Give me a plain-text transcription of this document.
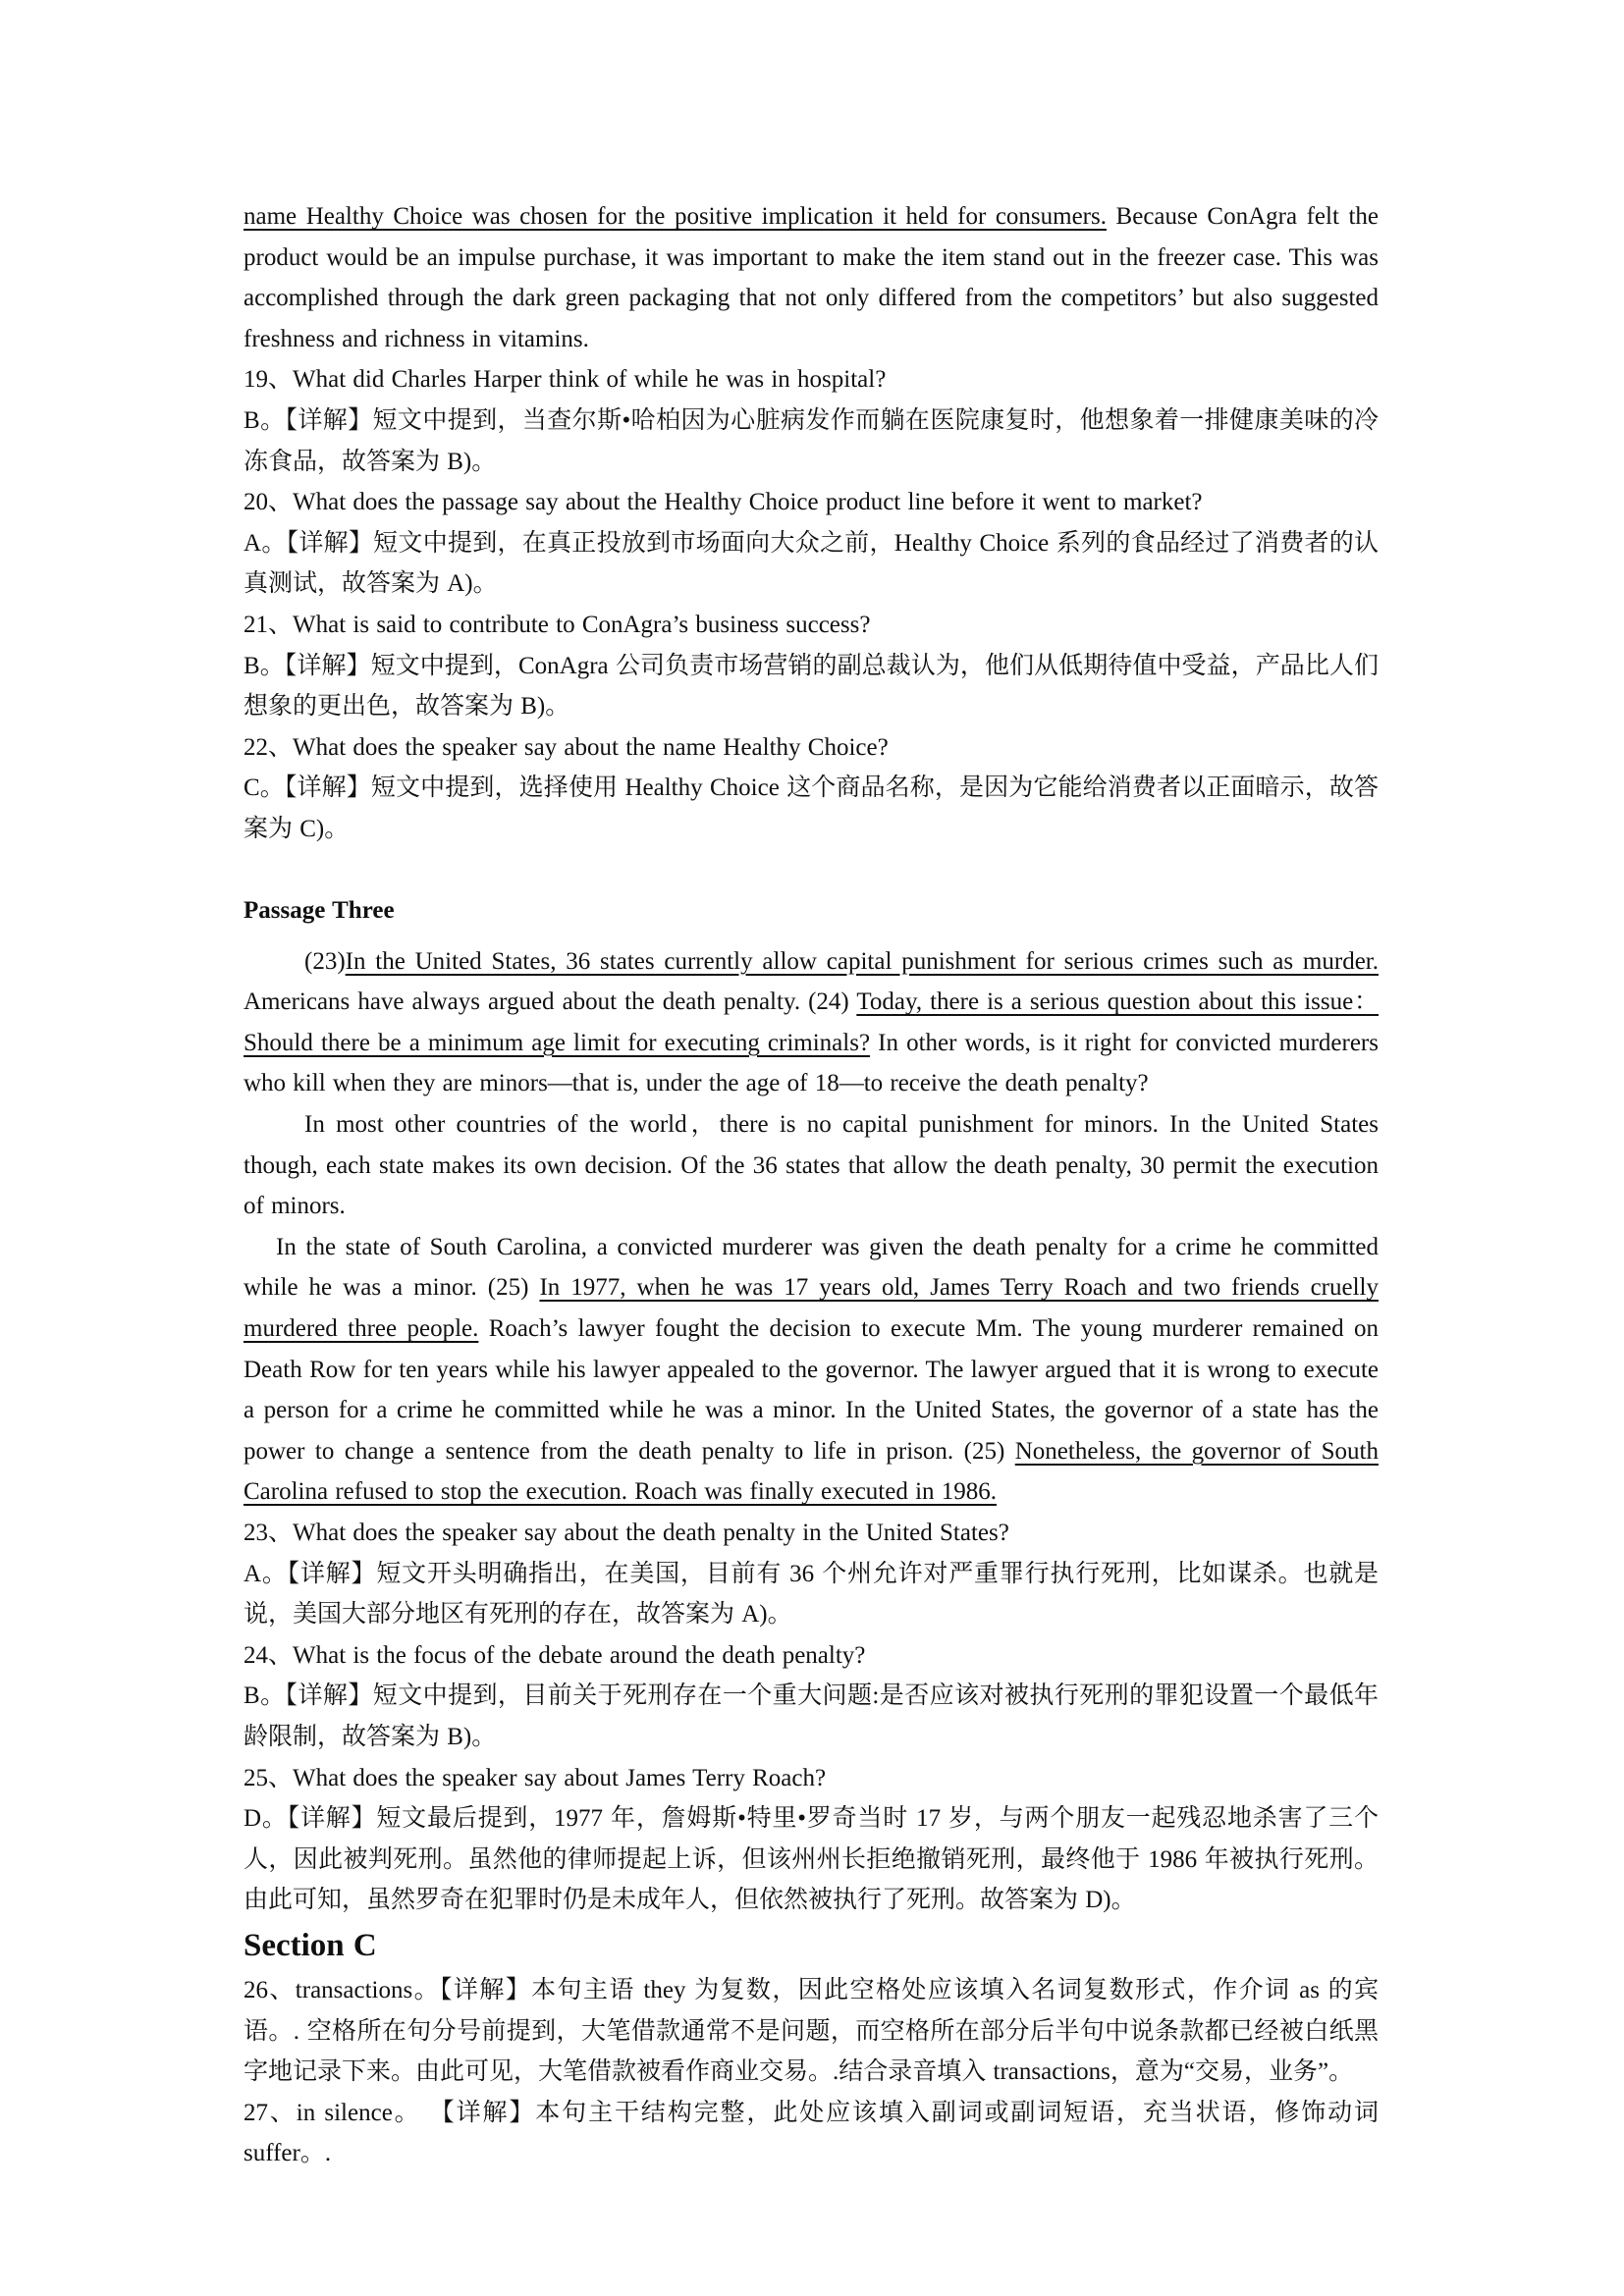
name Healthy Choice was chosen for the positive implication it held for consumers. Because ConAgra felt the product would be an impulse purchase, it was important to make the item stand out in the freezer case. This was accomplished through the dark green packaging that not only differed from the competitors’ but also suggested freshness and richness in vitamins.

19、What did Charles Harper think of while he was in hospital?

B。【详解】短文中提到，当查尔斯•哈柏因为心脏病发作而躺在医院康复时，他想象着一排健康美味的冷冻食品，故答案为 B)。

20、What does the passage say about the Healthy Choice product line before it went to market?

A。【详解】短文中提到，在真正投放到市场面向大众之前，Healthy Choice 系列的食品经过了消费者的认真测试，故答案为 A)。

21、What is said to contribute to ConAgra’s business success?

B。【详解】短文中提到，ConAgra 公司负责市场营销的副总裁认为，他们从低期待值中受益，产品比人们想象的更出色，故答案为 B)。

22、What does the speaker say about the name Healthy Choice?

C。【详解】短文中提到，选择使用 Healthy Choice 这个商品名称，是因为它能给消费者以正面暗示，故答案为 C)。

Passage Three

(23)In the United States, 36 states currently allow capital punishment for serious crimes such as murder. Americans have always argued about the death penalty. (24) Today, there is a serious question about this issue： Should there be a minimum age limit for executing criminals? In other words, is it right for convicted murderers who kill when they are minors—that is, under the age of 18—to receive the death penalty?

In most other countries of the world，there is no capital punishment for minors. In the United States though, each state makes its own decision. Of the 36 states that allow the death penalty, 30 permit the execution of minors.

In the state of South Carolina, a convicted murderer was given the death penalty for a crime he committed while he was a minor. (25) In 1977, when he was 17 years old, James Terry Roach and two friends cruelly murdered three people. Roach’s lawyer fought the decision to execute Mm. The young murderer remained on Death Row for ten years while his lawyer appealed to the governor. The lawyer argued that it is wrong to execute a person for a crime he committed while he was a minor. In the United States, the governor of a state has the power to change a sentence from the death penalty to life in prison. (25) Nonetheless, the governor of South Carolina refused to stop the execution. Roach was finally executed in 1986.

23、What does the speaker say about the death penalty in the United States?

A。【详解】短文开头明确指出，在美国，目前有 36 个州允许对严重罪行执行死刑，比如谋杀。也就是说，美国大部分地区有死刑的存在，故答案为 A)。

24、What is the focus of the debate around the death penalty?

B。【详解】短文中提到，目前关于死刑存在一个重大问题:是否应该对被执行死刑的罪犯设置一个最低年龄限制，故答案为 B)。

25、What does the speaker say about James Terry Roach?

D。【详解】短文最后提到，1977 年，詹姆斯•特里•罗奇当时 17 岁，与两个朋友一起残忍地杀害了三个人，因此被判死刑。虽然他的律师提起上诉，但该州州长拒绝撤销死刑，最终他于 1986 年被执行死刑。 由此可知，虽然罗奇在犯罪时仍是未成年人，但依然被执行了死刑。故答案为 D)。

Section C

26、transactions。【详解】本句主语 they 为复数，因此空格处应该填入名词复数形式，作介词 as 的宾语。. 空格所在句分号前提到，大笔借款通常不是问题，而空格所在部分后半句中说条款都已经被白纸黑字地记录下来。由此可见，大笔借款被看作商业交易。.结合录音填入 transactions，意为“交易，业务”。

27、in silence。 【详解】本句主干结构完整，此处应该填入副词或副词短语，充当状语，修饰动词 suffer。.
